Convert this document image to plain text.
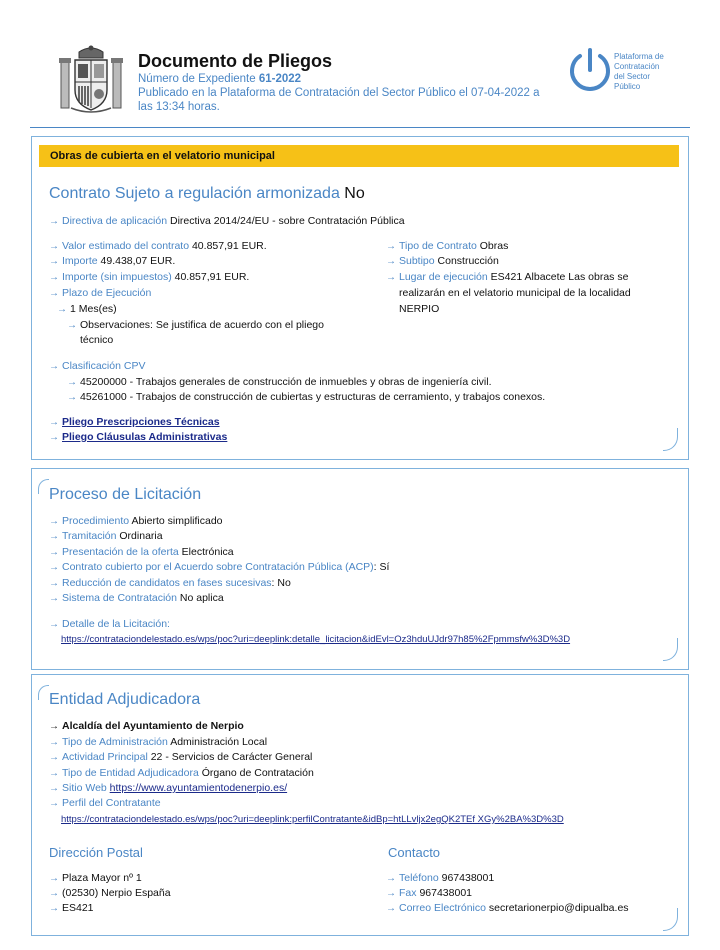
Documento de Pliegos
Número de Expediente 61-2022
Publicado en la Plataforma de Contratación del Sector Público el 07-04-2022 a
las 13:34 horas.
Plataforma de
Contratación
del Sector
Público
Obras de cubierta en el velatorio municipal
Contrato Sujeto a regulación armonizada No
→ Directiva de aplicación Directiva 2014/24/EU - sobre Contratación Pública
→ Valor estimado del contrato 40.857,91 EUR.
→ Importe 49.438,07 EUR.
→ Importe (sin impuestos) 40.857,91 EUR.
→ Plazo de Ejecución
→ 1 Mes(es)
→ Observaciones: Se justifica de acuerdo con el pliego
técnico
→ Tipo de Contrato Obras
→ Subtipo Construcción
→ Lugar de ejecución ES421 Albacete Las obras se
realizarán en el velatorio municipal de la localidad
NERPIO
→ Clasificación CPV
→ 45200000 - Trabajos generales de construcción de inmuebles y obras de ingeniería civil.
→ 45261000 - Trabajos de construcción de cubiertas y estructuras de cerramiento, y trabajos conexos.
→ Pliego Prescripciones Técnicas
→ Pliego Cláusulas Administrativas
Proceso de Licitación
→ Procedimiento Abierto simplificado
→ Tramitación Ordinaria
→ Presentación de la oferta Electrónica
→ Contrato cubierto por el Acuerdo sobre Contratación Pública (ACP): Sí
→ Reducción de candidatos en fases sucesivas: No
→ Sistema de Contratación No aplica
→ Detalle de la Licitación:
https://contrataciondelestado.es/wps/poc?uri=deeplink:detalle_licitacion&idEvl=Oz3hduUJdr97h85%2Fpmmsfw%3D%3D
Entidad Adjudicadora
→ Alcaldía del Ayuntamiento de Nerpio
→ Tipo de Administración Administración Local
→ Actividad Principal 22 - Servicios de Carácter General
→ Tipo de Entidad Adjudicadora Órgano de Contratación
→ Sitio Web https://www.ayuntamientodenerpio.es/
→ Perfil del Contratante
https://contrataciondelestado.es/wps/poc?uri=deeplink:perfilContratante&idBp=htLLvljx2egQK2TEf XGy%2BA%3D%3D
Dirección Postal
→ Plaza Mayor nº 1
→ (02530) Nerpio España
→ ES421
Contacto
→ Teléfono 967438001
→ Fax 967438001
→ Correo Electrónico secretarionerpio@dipualba.es
